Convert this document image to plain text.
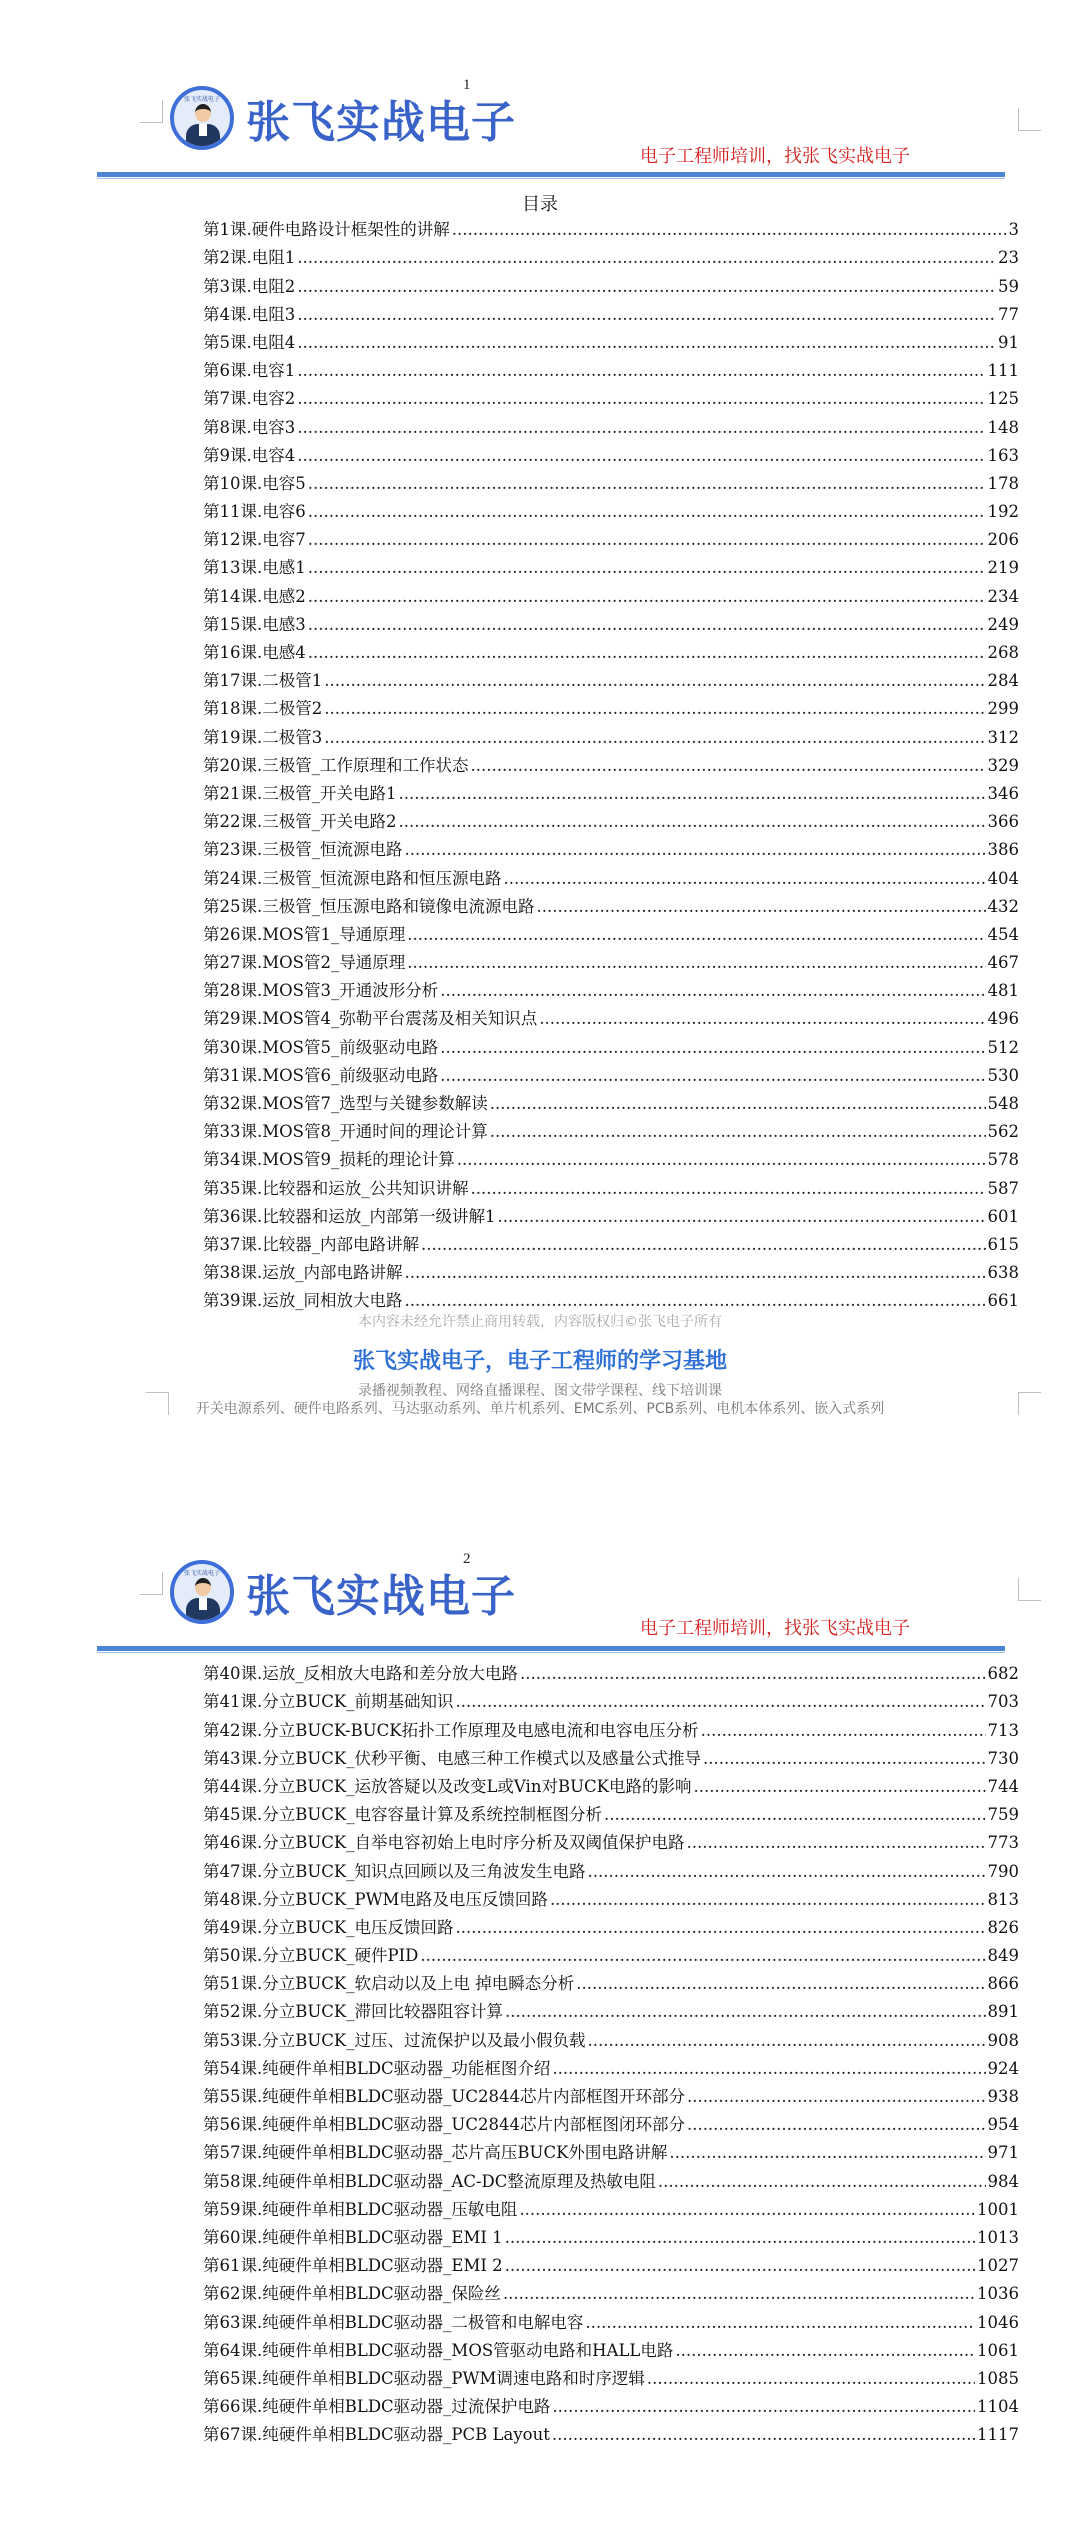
1
张飞实战电子 张飞实战电子
电子工程师培训，找张飞实战电子
目录
第1课.硬件电路设计框架性的讲解 .....	3
第2课.电阻1 .....	23
第3课.电阻2 .....	59
第4课.电阻3 .....	77
第5课.电阻4 .....	91
第6课.电容1 .....	111
第7课.电容2 .....	125
第8课.电容3 .....	148
第9课.电容4 .....	163
第10课.电容5 .....	178
第11课.电容6 .....	192
第12课.电容7 .....	206
第13课.电感1 .....	219
第14课.电感2 .....	234
第15课.电感3 .....	249
第16课.电感4 .....	268
第17课.二极管1 .....	284
第18课.二极管2 .....	299
第19课.二极管3 .....	312
第20课.三极管_工作原理和工作状态 .....	329
第21课.三极管_开关电路1 .....	346
第22课.三极管_开关电路2 .....	366
第23课.三极管_恒流源电路 .....	386
第24课.三极管_恒流源电路和恒压源电路 .....	404
第25课.三极管_恒压源电路和镜像电流源电路 .....	432
第26课.MOS管1_导通原理 .....	454
第27课.MOS管2_导通原理 .....	467
第28课.MOS管3_开通波形分析 .....	481
第29课.MOS管4_弥勒平台震荡及相关知识点 .....	496
第30课.MOS管5_前级驱动电路 .....	512
第31课.MOS管6_前级驱动电路 .....	530
第32课.MOS管7_选型与关键参数解读 .....	548
第33课.MOS管8_开通时间的理论计算 .....	562
第34课.MOS管9_损耗的理论计算 .....	578
第35课.比较器和运放_公共知识讲解 .....	587
第36课.比较器和运放_内部第一级讲解1 .....	601
第37课.比较器_内部电路讲解 .....	615
第38课.运放_内部电路讲解 .....	638
第39课.运放_同相放大电路 .....	661
本内容未经允许禁止商用转载，内容版权归©张飞电子所有
张飞实战电子，电子工程师的学习基地
录播视频教程、网络直播课程、图文带学课程、线下培训课
开关电源系列、硬件电路系列、马达驱动系列、单片机系列、EMC系列、PCB系列、电机本体系列、嵌入式系列
2
张飞实战电子 张飞实战电子
电子工程师培训，找张飞实战电子
第40课.运放_反相放大电路和差分放大电路 .....	682
第41课.分立BUCK_前期基础知识 .....	703
第42课.分立BUCK-BUCK拓扑工作原理及电感电流和电容电压分析 .....	713
第43课.分立BUCK_伏秒平衡、电感三种工作模式以及感量公式推导 .....	730
第44课.分立BUCK_运放答疑以及改变L或Vin对BUCK电路的影响 .....	744
第45课.分立BUCK_电容容量计算及系统控制框图分析 .....	759
第46课.分立BUCK_自举电容初始上电时序分析及双阈值保护电路 .....	773
第47课.分立BUCK_知识点回顾以及三角波发生电路 .....	790
第48课.分立BUCK_PWM电路及电压反馈回路 .....	813
第49课.分立BUCK_电压反馈回路 .....	826
第50课.分立BUCK_硬件PID .....	849
第51课.分立BUCK_软启动以及上电 掉电瞬态分析 .....	866
第52课.分立BUCK_滞回比较器阻容计算 .....	891
第53课.分立BUCK_过压、过流保护以及最小假负载 .....	908
第54课.纯硬件单相BLDC驱动器_功能框图介绍 .....	924
第55课.纯硬件单相BLDC驱动器_UC2844芯片内部框图开环部分 .....	938
第56课.纯硬件单相BLDC驱动器_UC2844芯片内部框图闭环部分 .....	954
第57课.纯硬件单相BLDC驱动器_芯片高压BUCK外围电路讲解 .....	971
第58课.纯硬件单相BLDC驱动器_AC-DC整流原理及热敏电阻 .....	984
第59课.纯硬件单相BLDC驱动器_压敏电阻 .....	1001
第60课.纯硬件单相BLDC驱动器_EMI 1 .....	1013
第61课.纯硬件单相BLDC驱动器_EMI 2 .....	1027
第62课.纯硬件单相BLDC驱动器_保险丝 .....	1036
第63课.纯硬件单相BLDC驱动器_二极管和电解电容 .....	1046
第64课.纯硬件单相BLDC驱动器_MOS管驱动电路和HALL电路 .....	1061
第65课.纯硬件单相BLDC驱动器_PWM调速电路和时序逻辑 .....	1085
第66课.纯硬件单相BLDC驱动器_过流保护电路 .....	1104
第67课.纯硬件单相BLDC驱动器_PCB Layout .....	1117
